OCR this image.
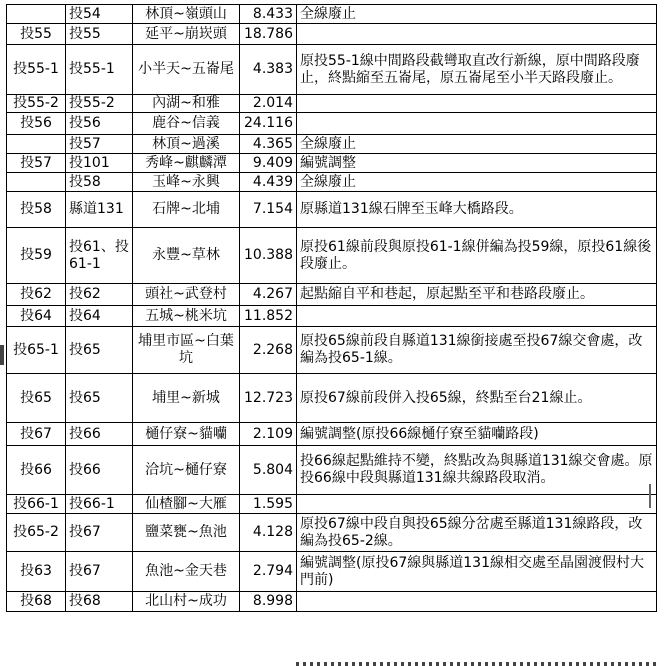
	投54	林頂~嶺頭山	8.433	全線廢止
投55	投55	延平~崩崁頭	18.786	
投55-1	投55-1	小半天~五崙尾	4.383	原投55-1線中間路段截彎取直改行新線，原中間路段廢止，終點縮至五崙尾，原五崙尾至小半天路段廢止。
投55-2	投55-2	內湖~和雅	2.014	
投56	投56	鹿谷~信義	24.116	
	投57	林頂~過溪	4.365	全線廢止
投57	投101	秀峰~麒麟潭	9.409	編號調整
	投58	玉峰~永興	4.439	全線廢止
投58	縣道131	石牌~北埔	7.154	原縣道131線石牌至玉峰大橋路段。
投59	投61、投61-1	永豐~草林	10.388	原投61線前段與原投61-1線併編為投59線，原投61線後段廢止。
投62	投62	頭社~武登村	4.267	起點縮自平和巷起，原起點至平和巷路段廢止。
投64	投64	五城~桃米坑	11.852	
投65-1	投65	埔里市區~白葉坑	2.268	原投65線前段自縣道131線銜接處至投67線交會處，改編為投65-1線。
投65	投65	埔里~新城	12.723	原投67線前段併入投65線，終點至台21線止。
投67	投66	樋仔寮~貓囒	2.109	編號調整(原投66線樋仔寮至貓囒路段)
投66	投66	洽坑~樋仔寮	5.804	投66線起點維持不變，終點改為與縣道131線交會處。原投66線中段與縣道131線共線路段取消。
投66-1	投66-1	仙楂腳~大雁	1.595	
投65-2	投67	鹽菜甕~魚池	4.128	原投67線中段自與投65線分岔處至縣道131線路段，改編為投65-2線。
投63	投67	魚池~金天巷	2.794	編號調整(原投67線與縣道131線相交處至晶園渡假村大門前)
投68	投68	北山村~成功	8.998	
